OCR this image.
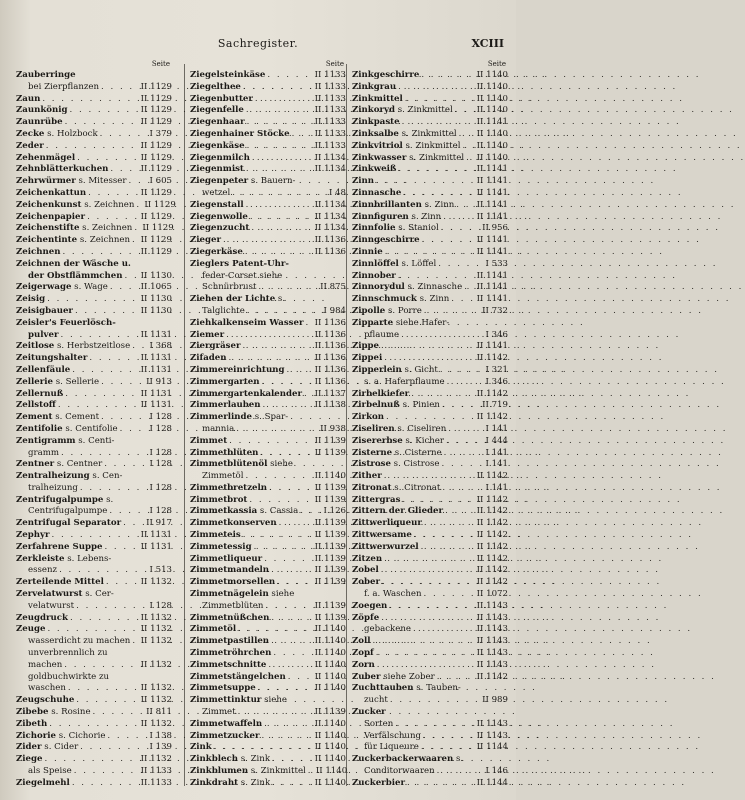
Sachregister.	XCIII
Seite
Zauberringe
bei Zierpflanzen . . .	II 1129
Zaun . . .	II 1129
Zaunkönig . . .	II 1129
Zaunrübe . . .	II 1129
Zecke s. Holzbock . . .	I 379
Zeder . . .	II 1129
Zehenmägel . . .	II 1129
Zehnblätterkuchen . . .	II 1129
Zehrwürmer s. Mitesser . . .	I 605
Zeichenkattun . . .	II 1129
Zeichenkunst s. Zeichnen . . . II 1129
Zeichenpapier . . .	II 1129
Zeichenstifte s. Zeichnen . . . II 1129
Zeichentinte s. Zeichnen . . . II 1129
Zeichnen . . .	II 1129
Zeichnen der Wäsche u.
der Obstflämmchen . . . II 1130
Zeigerwage s. Wage . . .	II 1065
Zeisig . . .	II 1130
Zeisigbauer . . .	II 1130
Zeisler's Feuerlösch-
pulver . . .	II 1131
Zeitlose s. Herbstzeitlose . . . I 368
Zeitungshalter . . .	II 1131
Zellenfäule . . .	II 1131
Zellerie s. Sellerie . . .	II 913
Zellernuß . . .	II 1131
Zellstoff . . .	II 1131
Zement s. Cement . . .	I 128
Zentifolie s. Centifolie . . .	I 128
Zentigramm s. Centi-
gramm . . .	I 128
Zentner s. Centner . . .	I 128
Zentralheizung s. Cen-
tralheizung . . .	I 128
Zentrifugalpumpe s.
Centrifugalpumpe . . .	I 128
Zentrifugal Separator . . .	II 917
Zephyr . . .	II 1131
Zerfahrene Suppe . . .	II 1131
Zerkleiste s. Lebens-
essenz . . .	I 513
Zerteilende Mittel . . .	II 1132
Zervelatwurst s. Cer-
velatwurst . . .	I 128
Zeugdruck . . .	II 1132
Zeuge . . .	II 1132
wasserdicht zu machen . . . II 1132
unverbrennlich zu
machen . . .	II 1132
goldbuchwirkte zu
waschen . . .	II 1132
Zeugschuhe . . .	II 1132
Zibebe s. Rosine . . .	II 811
Zibeth . . .	II 1132
Zichorie s. Cichorie . . .	I 138
Zider s. Cider . . .	I 139
Ziege . . .	II 1132
als Speise . . .	II 1133
Ziegelmehl . . .	II 1133
Seite
Ziegelsteinkäse . . .	II 1133
Ziegelthee . . .	II 1133
Ziegenbutter . . .	II 1133
Ziegenfelle . . .	II 1133
Ziegenhaar . . .	II 1133
Ziegenhainer Stöcke . . .	II 1133
Ziegenkäse . . .	II 1133
Ziegenmilch . . .	II 1134
Ziegenmist . . .	II 1134
Ziegenpeter s. Bauern-
wetzel . . .	I 48
Ziegenstall . . .	II 1134
Ziegenwolle . . .	II 1134
Ziegenzucht . . .	II 1134
Zieger . . .	II 1136
Ziegerkäse . . .	II 1136
Zieglers Patent-Uhr-
feder-Corset siehe
Schnürbrust . . .	II 875
Ziehen der Lichte s.
Talglichte . . .	I 984
Ziehkalkenseim Wasser . . . II 1136
Ziemer . . .	II 1136
Ziergräser . . .	II 1136
Zifaden . . .	II 1136
Zimmereinrichtung . . .	II 1136
Zimmergarten . . .	II 1136
Zimmergartenkalender . . . II 1137
Zimmerlauben . . .	II 1138
Zimmerlinde s. Spar-
mannia . . .	II 938
Zimmet . . .	II 1139
Zimmetblüten . . .	II 1139
Zimmetblütenöl siehe
Zimmetöl . . .	II 1140
Zimmetbretzeln . . .	II 1139
Zimmetbrot . . .	II 1139
Zimmetkassia s. Cassia . . .	I 126
Zimmetkonserven . . .	II 1139
Zimmeteis . . .	II 1139
Zimmetessig . . .	II 1139
Zimmetliqueur . . .	II 1139
Zimmetmandeln . . .	II 1139
Zimmetmorsellen . . .	II 1139
Zimmetnägelein siehe
Zimmetblüten . . .	II 1139
Zimmetnüßchen . . .	II 1139
Zimmetöl . . .	II 1140
Zimmetpastillen . . .	II 1140
Zimmetröhrchen . . .	II 1140
Zimmetschnitte . . .	II 1140
Zimmetstängelchen . . .	II 1140
Zimmetsuppe . . .	II 1140
Zimmettinktur siehe
Zimmet . . .	II 1139
Zimmetwaffeln . . .	II 1140
Zimmetzucker . . .	II 1140
Zink . . .	II 1140
Zinkblech s. Zink . . .	II 1140
Zinkblumen s. Zinkmittel . . . II 1140
Zinkdraht s. Zink . . .	II 1140
Seite
Zinkgeschirre . . .	II 1140
Zinkgrau . . .	II 1140
Zinkmittel . . .	II 1140
Zinkoryd s. Zinkmittel . . .	II 1140
Zinkpaste . . .	II 1141
Zinksalbe s. Zinkmittel . . . II 1140
Zinkvitriol s. Zinkmittel . . . II 1140
Zinkwasser s. Zinkmittel . . . II 1140
Zinkweiß . . .	II 1141
Zinn . . .	II 1141
Zinnasche . . .	II 1141
Zinnbrillanten s. Zinn . . .	II 1141
Zinnfiguren s. Zinn . . .	II 1141
Zinnfolie s. Staniol . . .	II 956
Zinngeschirre . . .	II 1141
Zinnie . . .	II 1141
Zinnlöffel s. Löffel . . .	I 533
Zinnober . . .	II 1141
Zinnorydul s. Zinnasche . . . II 1141
Zinnschmuck s. Zinn . . .	II 1141
Zipolle s. Porre . . .	II 732
Zipparte siehe Hafer-
pflaume . . .	I 346
Zippe . . .	II 1141
Zippei . . .	II 1142
Zipperlein s. Gicht . . .	I 321
s. a. Haferpflaume . . .	I 346
Zirbelkiefer . . .	II 1142
Zirbelnuß s. Pinien . . .	II 719
Zirkon . . .	II 1142
Ziseliren s. Ciseliren . . .	I 141
Zisererbse s. Kicher . . .	I 444
Zisterne s. Cisterne . . .	I 141
Zistrose s. Cistrose . . .	I 141
Zither . . .	II 1142
Zitronat s. Citronat . . .	I 141
Zittergras . . .	II 1142
Zittern der Glieder . . .	II 1142
Zittwerliqueur . . .	II 1142
Zittwersame . . .	II 1142
Zittwerwurzel . . .	II 1142
Zitzen . . .	II 1142
Zobel . . .	II 1142
Zober . . .	II 1142
f. a. Waschen . . .	II 1072
Zoegen . . .	II 1143
Zöpfe . . .	II 1143
gebackene . . .	II 1143
Zoll . . .	II 1143
Zopf . . .	II 1143
Zorn . . .	II 1143
Zuber siehe Zober . . .	II 1142
Zuchttauben s. Tauben-
zucht . . .	II 989
Zucker
Sorten . . .	II 1143
Verfälschung . . .	II 1143
für Liqueure . . .	II 1144
Zuckerbackerwaaren s.
Conditorwaaren . . .	I 146
Zuckerbier . . .	II 1144
